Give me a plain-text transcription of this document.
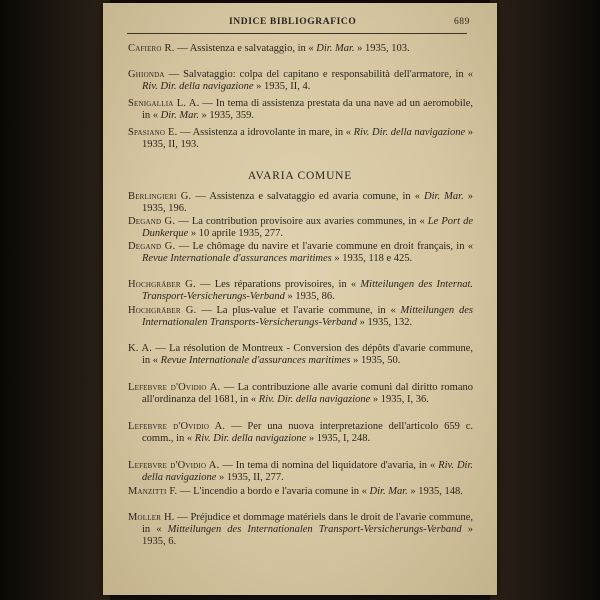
INDICE BIBLIOGRAFICO	689
Cafiero R. — Assistenza e salvataggio, in « Dir. Mar. » 1935, 103.
Ghionda — Salvataggio: colpa del capitano e responsabilità dell'armatore, in « Riv. Dir. della navigazione » 1935, II, 4.
Senigallia L. A. — In tema di assistenza prestata da una nave ad un aeromobile, in « Dir. Mar. » 1935, 359.
Spasiano E. — Assistenza a idrovolante in mare, in « Riv. Dir. della navigazione » 1935, II, 193.
AVARIA COMUNE
Berlingieri G. — Assistenza e salvataggio ed avaria comune, in « Dir. Mar. » 1935, 196.
Degand G. — La contribution provisoire aux avaries communes, in « Le Port de Dunkerque » 10 aprile 1935, 277.
Degand G. — Le chômage du navire et l'avarie commune en droit français, in « Revue Internationale d'assurances maritimes » 1935, 118 e 425.
Hochgräber G. — Les réparations provisoires, in « Mitteilungen des Internat. Transport-Versicherungs-Verband » 1935, 86.
Hochgräber G. — La plus-value et l'avarie commune, in « Mitteilungen des Internationalen Transports-Versicherungs-Verband » 1935, 132.
K. A. — La résolution de Montreux - Conversion des dépôts d'avarie commune, in « Revue Internationale d'assurances maritimes » 1935, 50.
Lefebvre d'Ovidio A. — La contribuzione alle avarie comuni dal diritto romano all'ordinanza del 1681, in « Riv. Dir. della navigazione » 1935, I, 36.
Lefebvre d'Ovidio A. — Per una nuova interpretazione dell'articolo 659 c. comm., in « Riv. Dir. della navigazione » 1935, I, 248.
Lefebvre d'Ovidio A. — In tema di nomina del liquidatore d'avaria, in « Riv. Dir. della navigazione » 1935, II, 277.
Manzitti F. — L'incendio a bordo e l'avaria comune in « Dir. Mar. » 1935, 148.
Moller H. — Préjudice et dommage matériels dans le droit de l'avarie commune, in « Mitteilungen des Internationalen Transport-Versicherungs-Verband » 1935, 6.
